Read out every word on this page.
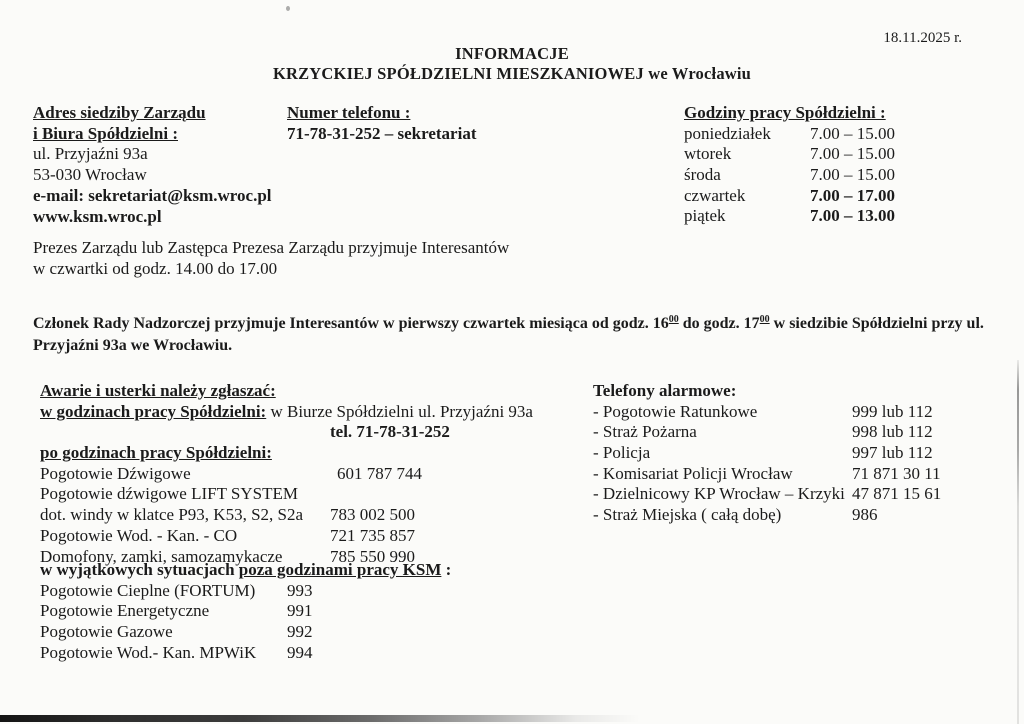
18.11.2025 r.
INFORMACJE
KRZYCKIEJ SPÓŁDZIELNI MIESZKANIOWEJ we Wrocławiu
Adres siedziby Zarządu
i Biura Spółdzielni :
ul. Przyjaźni 93a
53-030 Wrocław
e-mail: sekretariat@ksm.wroc.pl
www.ksm.wroc.pl
Numer telefonu :
71-78-31-252 – sekretariat
Godziny pracy Spółdzielni :
poniedziałek 7.00 – 15.00
wtorek	7.00 – 15.00
środa	7.00 – 15.00
czwartek	7.00 – 17.00
piątek	7.00 – 13.00
Prezes Zarządu lub Zastępca Prezesa Zarządu przyjmuje Interesantów
w czwartki od godz. 14.00 do 17.00
Członek Rady Nadzorczej przyjmuje Interesantów w pierwszy czwartek miesiąca od godz. $16^{00}$ do godz. $17^{00}$ w siedzibie Spółdzielni przy ul.
Przyjaźni 93a we Wrocławiu.
Awarie i usterki należy zgłaszać:
w godzinach pracy Spółdzielni: w Biurze Spółdzielni ul. Przyjaźni 93a
tel. 71-78-31-252
po godzinach pracy Spółdzielni:
Pogotowie Dźwigowe	601 787 744
Pogotowie dźwigowe LIFT SYSTEM
dot. windy w klatce P93, K53, S2, S2a 783 002 500
Pogotowie Wod. - Kan. - CO	721 735 857
Domofony, zamki, samozamykacze	785 550 990
Telefony alarmowe:
- Pogotowie Ratunkowe	999 lub 112
- Straż Pożarna	998 lub 112
- Policja	997 lub 112
- Komisariat Policji Wrocław	71 871 30 11
- Dzielnicowy KP Wrocław – Krzyki 47 871 15 61
- Straż Miejska ( całą dobę)	986
w wyjątkowych sytuacjach poza godzinami pracy KSM :
Pogotowie Cieplne (FORTUM) 993
Pogotowie Energetyczne	991
Pogotowie Gazowe	992
Pogotowie Wod.- Kan. MPWiK 994
